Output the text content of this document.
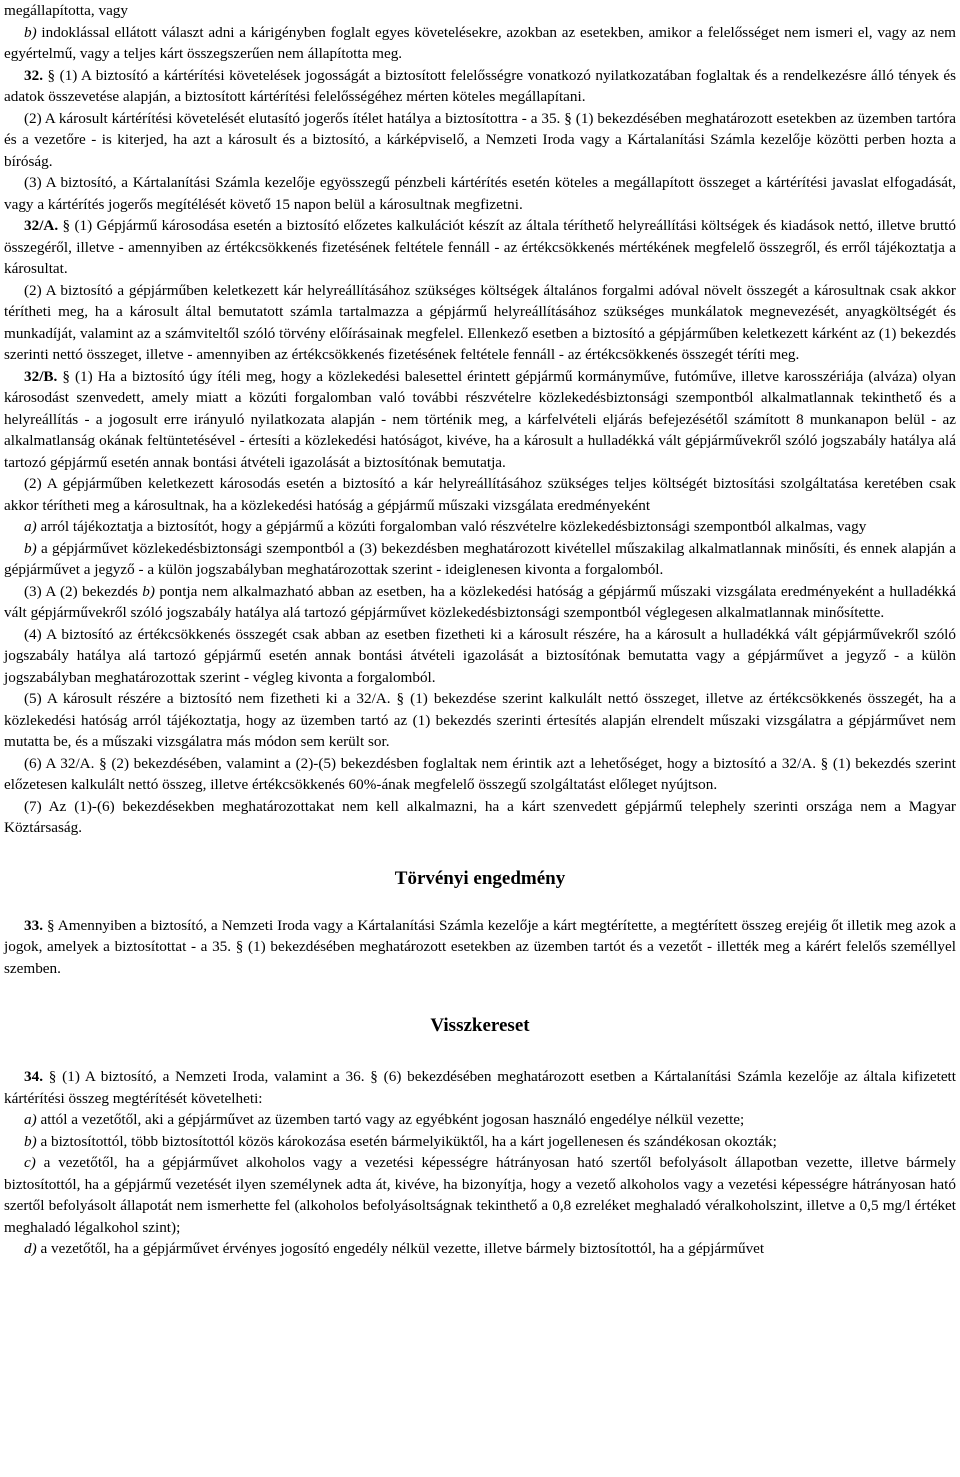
megállapította, vagy

b) indoklással ellátott választ adni a kárigényben foglalt egyes követelésekre, azokban az esetekben, amikor a felelősséget nem ismeri el, vagy az nem egyértelmű, vagy a teljes kárt összegszerűen nem állapította meg.

32. § (1) A biztosító a kártérítési követelések jogosságát a biztosított felelősségre vonatkozó nyilatkozatában foglaltak és a rendelkezésre álló tények és adatok összevetése alapján, a biztosított kártérítési felelősségéhez mérten köteles megállapítani.

(2) A károsult kártérítési követelését elutasító jogerős ítélet hatálya a biztosítottra - a 35. § (1) bekezdésében meghatározott esetekben az üzemben tartóra és a vezetőre - is kiterjed, ha azt a károsult és a biztosító, a kárképviselő, a Nemzeti Iroda vagy a Kártalanítási Számla kezelője közötti perben hozta a bíróság.

(3) A biztosító, a Kártalanítási Számla kezelője egyösszegű pénzbeli kártérítés esetén köteles a megállapított összeget a kártérítési javaslat elfogadását, vagy a kártérítés jogerős megítélését követő 15 napon belül a károsultnak megfizetni.

32/A. § (1) Gépjármű károsodása esetén a biztosító előzetes kalkulációt készít az általa téríthető helyreállítási költségek és kiadások nettó, illetve bruttó összegéről, illetve - amennyiben az értékcsökkenés fizetésének feltétele fennáll - az értékcsökkenés mértékének megfelelő összegről, és erről tájékoztatja a károsultat.

(2) A biztosító a gépjárműben keletkezett kár helyreállításához szükséges költségek általános forgalmi adóval növelt összegét a károsultnak csak akkor térítheti meg, ha a károsult által bemutatott számla tartalmazza a gépjármű helyreállításához szükséges munkálatok megnevezését, anyagköltségét és munkadíját, valamint az a számviteltől szóló törvény előírásainak megfelel. Ellenkező esetben a biztosító a gépjárműben keletkezett kárként az (1) bekezdés szerinti nettó összeget, illetve - amennyiben az értékcsökkenés fizetésének feltétele fennáll - az értékcsökkenés összegét téríti meg.

32/B. § (1) Ha a biztosító úgy ítéli meg, hogy a közlekedési balesettel érintett gépjármű kormányműve, futóműve, illetve karosszériája (alváza) olyan károsodást szenvedett, amely miatt a közúti forgalomban való további részvételre közlekedésbiztonsági szempontból alkalmatlannak tekinthető és a helyreállítás - a jogosult erre irányuló nyilatkozata alapján - nem történik meg, a kárfelvételi eljárás befejezésétől számított 8 munkanapon belül - az alkalmatlanság okának feltüntetésével - értesíti a közlekedési hatóságot, kivéve, ha a károsult a hulladékká vált gépjárművekről szóló jogszabály hatálya alá tartozó gépjármű esetén annak bontási átvételi igazolását a biztosítónak bemutatja.

(2) A gépjárműben keletkezett károsodás esetén a biztosító a kár helyreállításához szükséges teljes költségét biztosítási szolgáltatása keretében csak akkor térítheti meg a károsultnak, ha a közlekedési hatóság a gépjármű műszaki vizsgálata eredményeként

a) arról tájékoztatja a biztosítót, hogy a gépjármű a közúti forgalomban való részvételre közlekedésbiztonsági szempontból alkalmas, vagy

b) a gépjárművet közlekedésbiztonsági szempontból a (3) bekezdésben meghatározott kivétellel műszakilag alkalmatlannak minősíti, és ennek alapján a gépjárművet a jegyző - a külön jogszabályban meghatározottak szerint - ideiglenesen kivonta a forgalomból.

(3) A (2) bekezdés b) pontja nem alkalmazható abban az esetben, ha a közlekedési hatóság a gépjármű műszaki vizsgálata eredményeként a hulladékká vált gépjárművekről szóló jogszabály hatálya alá tartozó gépjárművet közlekedésbiztonsági szempontból véglegesen alkalmatlannak minősítette.

(4) A biztosító az értékcsökkenés összegét csak abban az esetben fizetheti ki a károsult részére, ha a károsult a hulladékká vált gépjárművekről szóló jogszabály hatálya alá tartozó gépjármű esetén annak bontási átvételi igazolását a biztosítónak bemutatta vagy a gépjárművet a jegyző - a külön jogszabályban meghatározottak szerint - végleg kivonta a forgalomból.

(5) A károsult részére a biztosító nem fizetheti ki a 32/A. § (1) bekezdése szerint kalkulált nettó összeget, illetve az értékcsökkenés összegét, ha a közlekedési hatóság arról tájékoztatja, hogy az üzemben tartó az (1) bekezdés szerinti értesítés alapján elrendelt műszaki vizsgálatra a gépjárművet nem mutatta be, és a műszaki vizsgálatra más módon sem került sor.

(6) A 32/A. § (2) bekezdésében, valamint a (2)-(5) bekezdésben foglaltak nem érintik azt a lehetőséget, hogy a biztosító a 32/A. § (1) bekezdés szerint előzetesen kalkulált nettó összeg, illetve értékcsökkenés 60%-ának megfelelő összegű szolgáltatást előleget nyújtson.

(7) Az (1)-(6) bekezdésekben meghatározottakat nem kell alkalmazni, ha a kárt szenvedett gépjármű telephely szerinti országa nem a Magyar Köztársaság.

Törvényi engedmény

33. § Amennyiben a biztosító, a Nemzeti Iroda vagy a Kártalanítási Számla kezelője a kárt megtérítette, a megtérített összeg erejéig őt illetik meg azok a jogok, amelyek a biztosítottat - a 35. § (1) bekezdésében meghatározott esetekben az üzemben tartót és a vezetőt - illették meg a kárért felelős személlyel szemben.

Visszkereset

34. § (1) A biztosító, a Nemzeti Iroda, valamint a 36. § (6) bekezdésében meghatározott esetben a Kártalanítási Számla kezelője az általa kifizetett kártérítési összeg megtérítését követelheti:

a) attól a vezetőtől, aki a gépjárművet az üzemben tartó vagy az egyébként jogosan használó engedélye nélkül vezette;

b) a biztosítottól, több biztosítottól közös károkozása esetén bármelyiküktől, ha a kárt jogellenesen és szándékosan okozták;

c) a vezetőtől, ha a gépjárművet alkoholos vagy a vezetési képességre hátrányosan ható szertől befolyásolt állapotban vezette, illetve bármely biztosítottól, ha a gépjármű vezetését ilyen személynek adta át, kivéve, ha bizonyítja, hogy a vezető alkoholos vagy a vezetési képességre hátrányosan ható szertől befolyásolt állapotát nem ismerhette fel (alkoholos befolyásoltságnak tekinthető a 0,8 ezreléket meghaladó véralkoholszint, illetve a 0,5 mg/l értéket meghaladó légalkohol szint);

d) a vezetőtől, ha a gépjárművet érvényes jogosító engedély nélkül vezette, illetve bármely biztosítottól, ha a gépjárművet
